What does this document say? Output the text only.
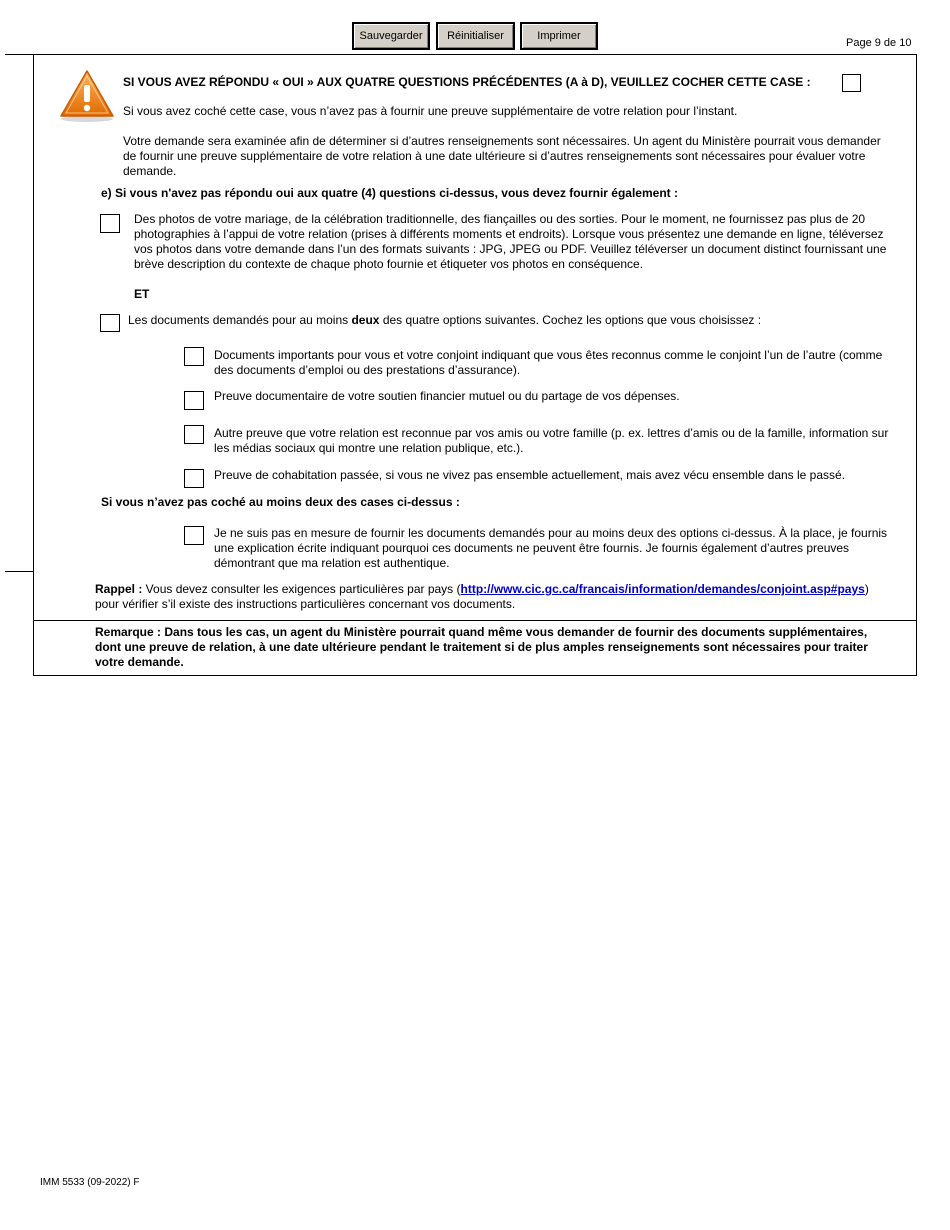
Sauvegarder	Réinitialiser	Imprimer
Page 9 de 10
SI VOUS AVEZ RÉPONDU « OUI » AUX QUATRE QUESTIONS PRÉCÉDENTES (A à D), VEUILLEZ COCHER CETTE CASE :
Si vous avez coché cette case, vous n’avez pas à fournir une preuve supplémentaire de votre relation pour l’instant.
Votre demande sera examinée afin de déterminer si d’autres renseignements sont nécessaires. Un agent du Ministère pourrait vous demander de fournir une preuve supplémentaire de votre relation à une date ultérieure si d’autres renseignements sont nécessaires pour évaluer votre demande.
e) Si vous n'avez pas répondu oui aux quatre (4) questions ci-dessus, vous devez fournir également :
Des photos de votre mariage, de la célébration traditionnelle, des fiançailles ou des sorties. Pour le moment, ne fournissez pas plus de 20 photographies à l’appui de votre relation (prises à différents moments et endroits). Lorsque vous présentez une demande en ligne, téléversez vos photos dans votre demande dans l’un des formats suivants : JPG, JPEG ou PDF. Veuillez téléverser un document distinct fournissant une brève description du contexte de chaque photo fournie et étiqueter vos photos en conséquence.
ET
Les documents demandés pour au moins deux des quatre options suivantes. Cochez les options que vous choisissez :
Documents importants pour vous et votre conjoint indiquant que vous êtes reconnus comme le conjoint l’un de l’autre (comme des documents d’emploi ou des prestations d’assurance).
Preuve documentaire de votre soutien financier mutuel ou du partage de vos dépenses.
Autre preuve que votre relation est reconnue par vos amis ou votre famille (p. ex. lettres d’amis ou de la famille, information sur les médias sociaux qui montre une relation publique, etc.).
Preuve de cohabitation passée, si vous ne vivez pas ensemble actuellement, mais avez vécu ensemble dans le passé.
Si vous n’avez pas coché au moins deux des cases ci-dessus :
Je ne suis pas en mesure de fournir les documents demandés pour au moins deux des options ci-dessus. À la place, je fournis une explication écrite indiquant pourquoi ces documents ne peuvent être fournis. Je fournis également d’autres preuves démontrant que ma relation est authentique.
Rappel : Vous devez consulter les exigences particulières par pays (http://www.cic.gc.ca/francais/information/demandes/conjoint.asp#pays)
pour vérifier s’il existe des instructions particulières concernant vos documents.
Remarque : Dans tous les cas, un agent du Ministère pourrait quand même vous demander de fournir des documents supplémentaires, dont une preuve de relation, à une date ultérieure pendant le traitement si de plus amples renseignements sont nécessaires pour traiter votre demande.
IMM 5533 (09-2022) F
